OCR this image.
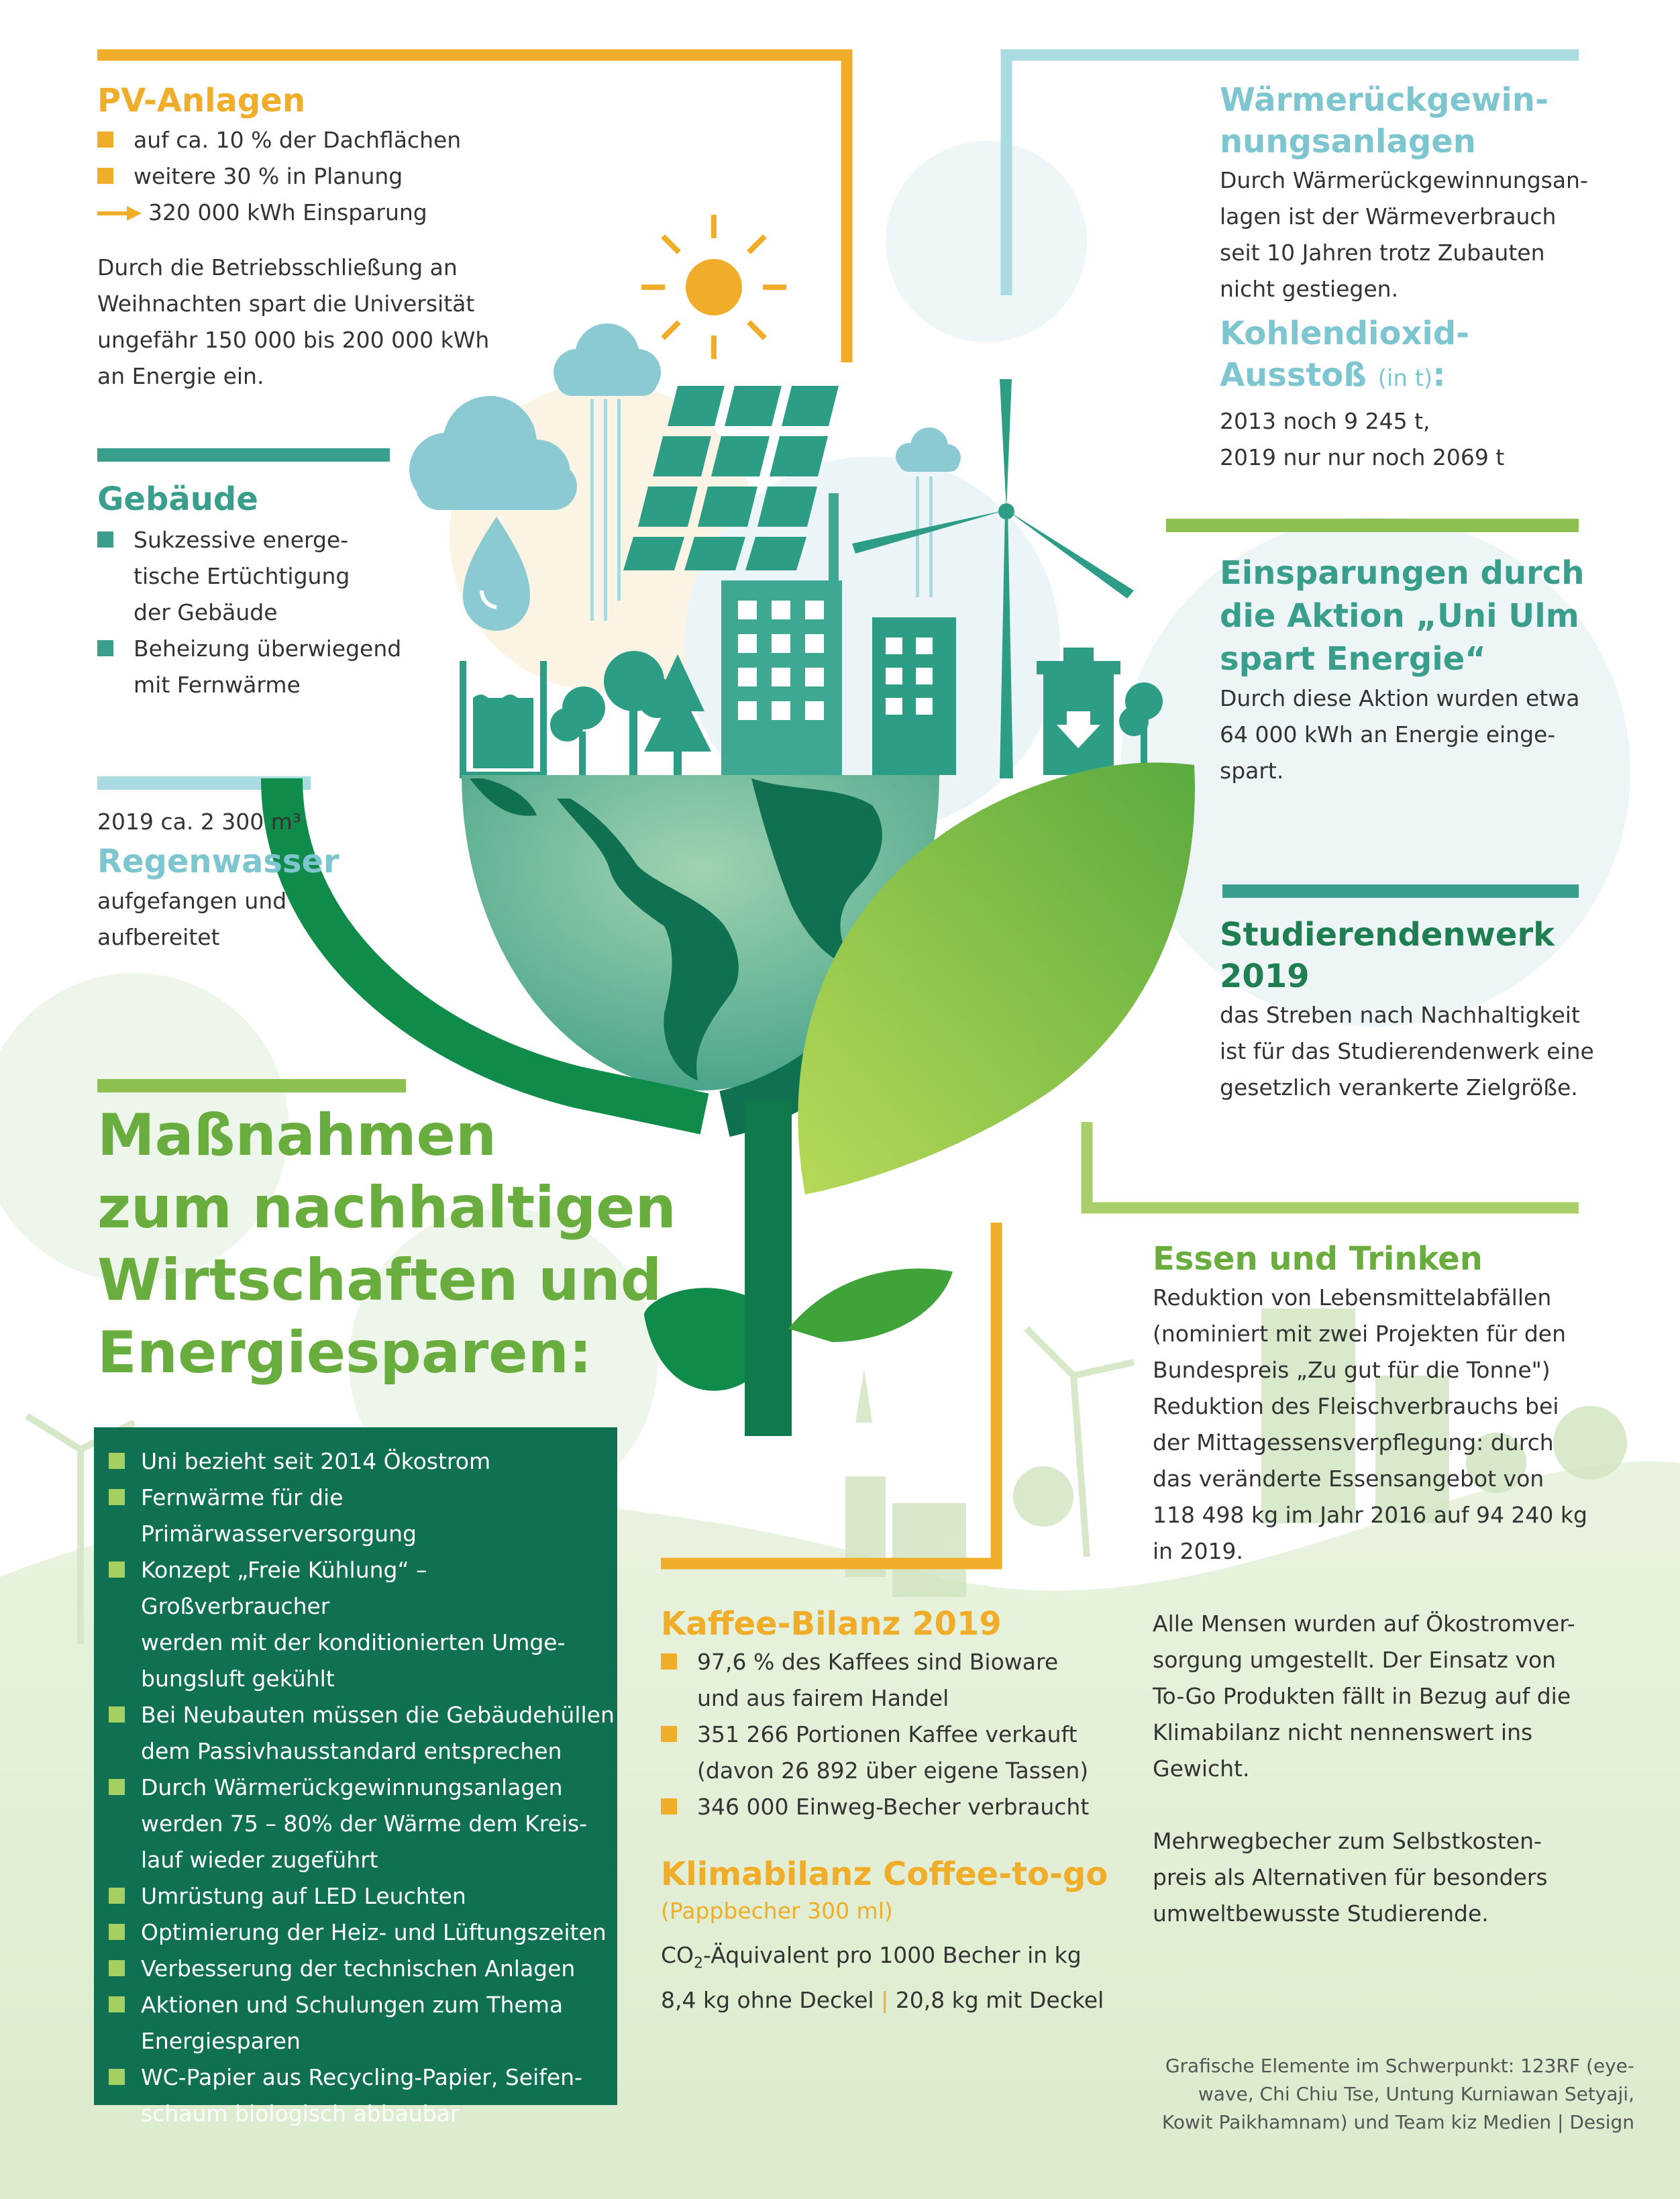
PV-Anlagen
auf ca. 10 % der Dachflächen
weitere 30 % in Planung
320 000 kWh Einsparung

Durch die Betriebsschließung an

Weihnachten spart die Universität

ungefähr 150 000 bis 200 000 kWh

an Energie ein.

Wärmerückgewin-
nungsanlagen

Durch Wärmerückgewinnungsan-

lagen ist der Wärmeverbrauch

seit 10 Jahren trotz Zubauten

nicht gestiegen.

Kohlendioxid-
Ausstoß (in t):

2013 noch 9 245 t,

2019 nur nur noch 2069 t

Gebäude
Sukzessive energe-
tische Ertüchtigung
der Gebäude
Beheizung überwiegend
mit Fernwärme
Einsparungen durch
die Aktion „Uni Ulm
spart Energie“

Durch diese Aktion wurden etwa

64 000 kWh an Energie einge-

spart.

2019 ca. 2 300 m³
Regenwasser

aufgefangen und

aufbereitet	Studierendenwerk 2019

das Streben nach Nachhaltigkeit

ist für das Studierendenwerk eine

gesetzlich verankerte Zielgröße.

Maßnahmen
zum nachhaltigen
Wirtschaften und
Energiesparen:
Uni bezieht seit 2014 Ökostrom
Fernwärme für die Primärwasserversorgung
Konzept „Freie Kühlung“ – Großverbraucher
werden mit der konditionierten Umge-
bungsluft gekühlt
Bei Neubauten müssen die Gebäudehüllen
dem Passivhausstandard entsprechen
Durch Wärmerückgewinnungsanlagen
werden 75 – 80% der Wärme dem Kreis-
lauf wieder zugeführt
Umrüstung auf LED Leuchten
Optimierung der Heiz- und Lüftungszeiten
Verbesserung der technischen Anlagen
Aktionen und Schulungen zum Thema
Energiesparen
WC-Papier aus Recycling-Papier, Seifen-
schaum biologisch abbaubar
Essen und Trinken

Reduktion von Lebensmittelabfällen

(nominiert mit zwei Projekten für den

Bundespreis „Zu gut für die Tonne")

Reduktion des Fleischverbrauchs bei

der Mittagessensverpflegung: durch

das veränderte Essensangebot von

118 498 kg im Jahr 2016 auf 94 240 kg

in 2019.

Alle Mensen wurden auf Ökostromver-

sorgung umgestellt. Der Einsatz von

To-Go Produkten fällt in Bezug auf die

Klimabilanz nicht nennenswert ins

Gewicht.

Mehrwegbecher zum Selbstkosten-

preis als Alternativen für besonders

umweltbewusste Studierende.

Kaffee-Bilanz 2019
97,6 % des Kaffees sind Bioware
und aus fairem Handel
351 266 Portionen Kaffee verkauft
(davon 26 892 über eigene Tassen)
346 000 Einweg-Becher verbraucht
Klimabilanz Coffee-to-go
(Pappbecher 300 ml)

$CO_2$-Äquivalent pro 1000 Becher in kg

8,4 kg ohne Deckel | 20,8 kg mit Deckel

Grafische Elemente im Schwerpunkt: 123RF (eye-
wave, Chi Chiu Tse, Untung Kurniawan Setyaji,
Kowit Paikhamnam) und Team kiz Medien | Design
